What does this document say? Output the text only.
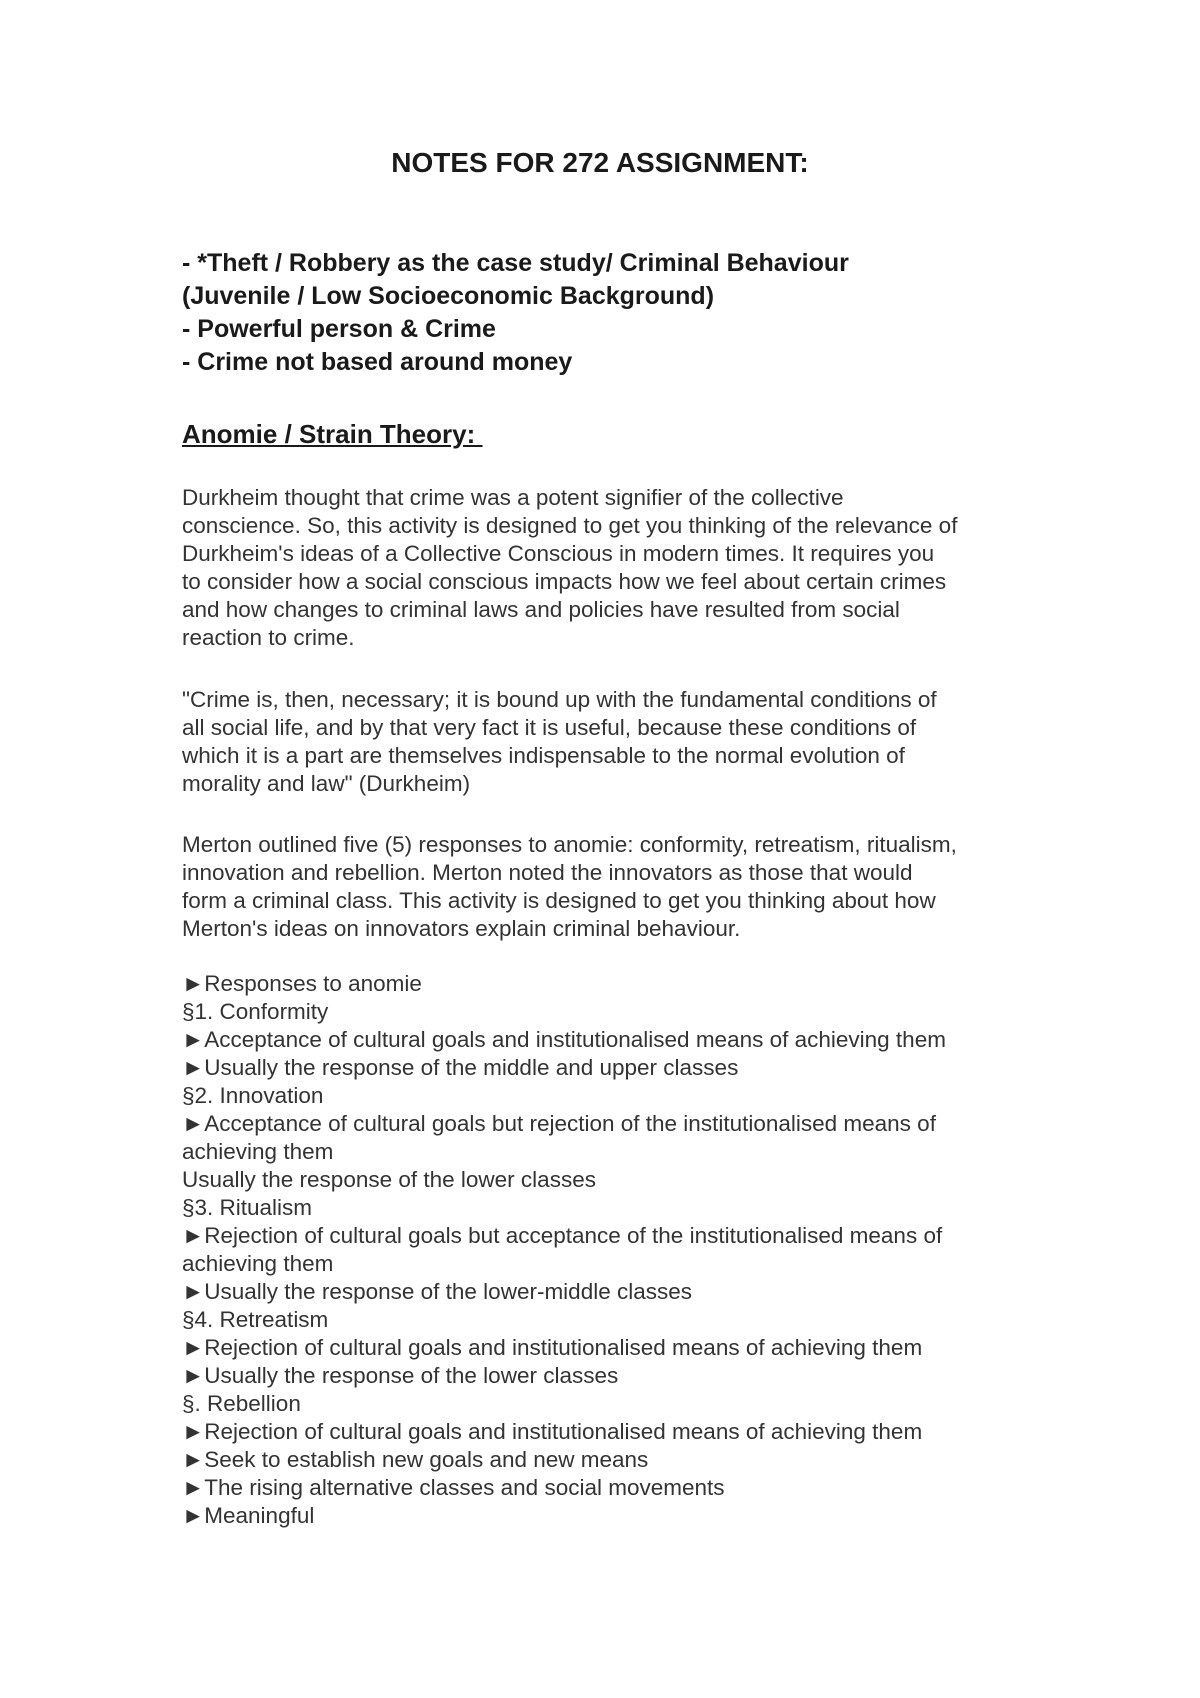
NOTES FOR 272 ASSIGNMENT:
- *Theft / Robbery as the case study/ Criminal Behaviour
(Juvenile / Low Socioeconomic Background)
- Powerful person & Crime
- Crime not based around money
Anomie / Strain Theory:
Durkheim thought that crime was a potent signifier of the collective
conscience. So, this activity is designed to get you thinking of the relevance of
Durkheim's ideas of a Collective Conscious in modern times. It requires you
to consider how a social conscious impacts how we feel about certain crimes
and how changes to criminal laws and policies have resulted from social
reaction to crime.
"Crime is, then, necessary; it is bound up with the fundamental conditions of
all social life, and by that very fact it is useful, because these conditions of
which it is a part are themselves indispensable to the normal evolution of
morality and law" (Durkheim)
Merton outlined five (5) responses to anomie: conformity, retreatism, ritualism,
innovation and rebellion. Merton noted the innovators as those that would
form a criminal class. This activity is designed to get you thinking about how
Merton's ideas on innovators explain criminal behaviour.
►Responses to anomie
§1. Conformity
►Acceptance of cultural goals and institutionalised means of achieving them
►Usually the response of the middle and upper classes
§2. Innovation
►Acceptance of cultural goals but rejection of the institutionalised means of
achieving them
Usually the response of the lower classes
§3. Ritualism
►Rejection of cultural goals but acceptance of the institutionalised means of
achieving them
►Usually the response of the lower-middle classes
§4. Retreatism
►Rejection of cultural goals and institutionalised means of achieving them
►Usually the response of the lower classes
§. Rebellion
►Rejection of cultural goals and institutionalised means of achieving them
►Seek to establish new goals and new means
►The rising alternative classes and social movements
►Meaningful
